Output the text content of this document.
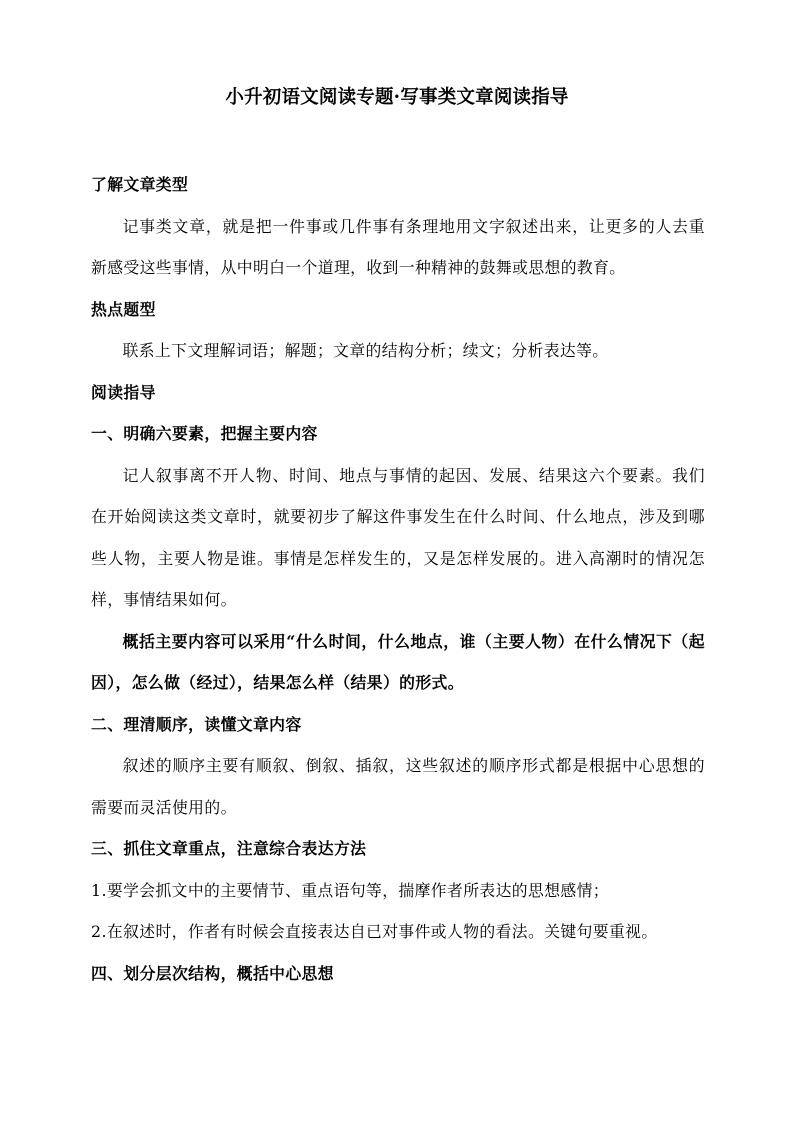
小升初语文阅读专题·写事类文章阅读指导

了解文章类型

记事类文章，就是把一件事或几件事有条理地用文字叙述出来，让更多的人去重新感受这些事情，从中明白一个道理，收到一种精神的鼓舞或思想的教育。

热点题型

联系上下文理解词语；解题；文章的结构分析；续文；分析表达等。

阅读指导

一、明确六要素，把握主要内容

记人叙事离不开人物、时间、地点与事情的起因、发展、结果这六个要素。我们在开始阅读这类文章时，就要初步了解这件事发生在什么时间、什么地点，涉及到哪些人物，主要人物是谁。事情是怎样发生的，又是怎样发展的。进入高潮时的情况怎样，事情结果如何。

概括主要内容可以采用“什么时间，什么地点，谁（主要人物）在什么情况下（起因），怎么做（经过），结果怎么样（结果）的形式。

二、理清顺序，读懂文章内容

叙述的顺序主要有顺叙、倒叙、插叙，这些叙述的顺序形式都是根据中心思想的需要而灵活使用的。

三、抓住文章重点，注意综合表达方法

1.要学会抓文中的主要情节、重点语句等，揣摩作者所表达的思想感情；

2.在叙述时，作者有时候会直接表达自已对事件或人物的看法。关键句要重视。

四、划分层次结构，概括中心思想
